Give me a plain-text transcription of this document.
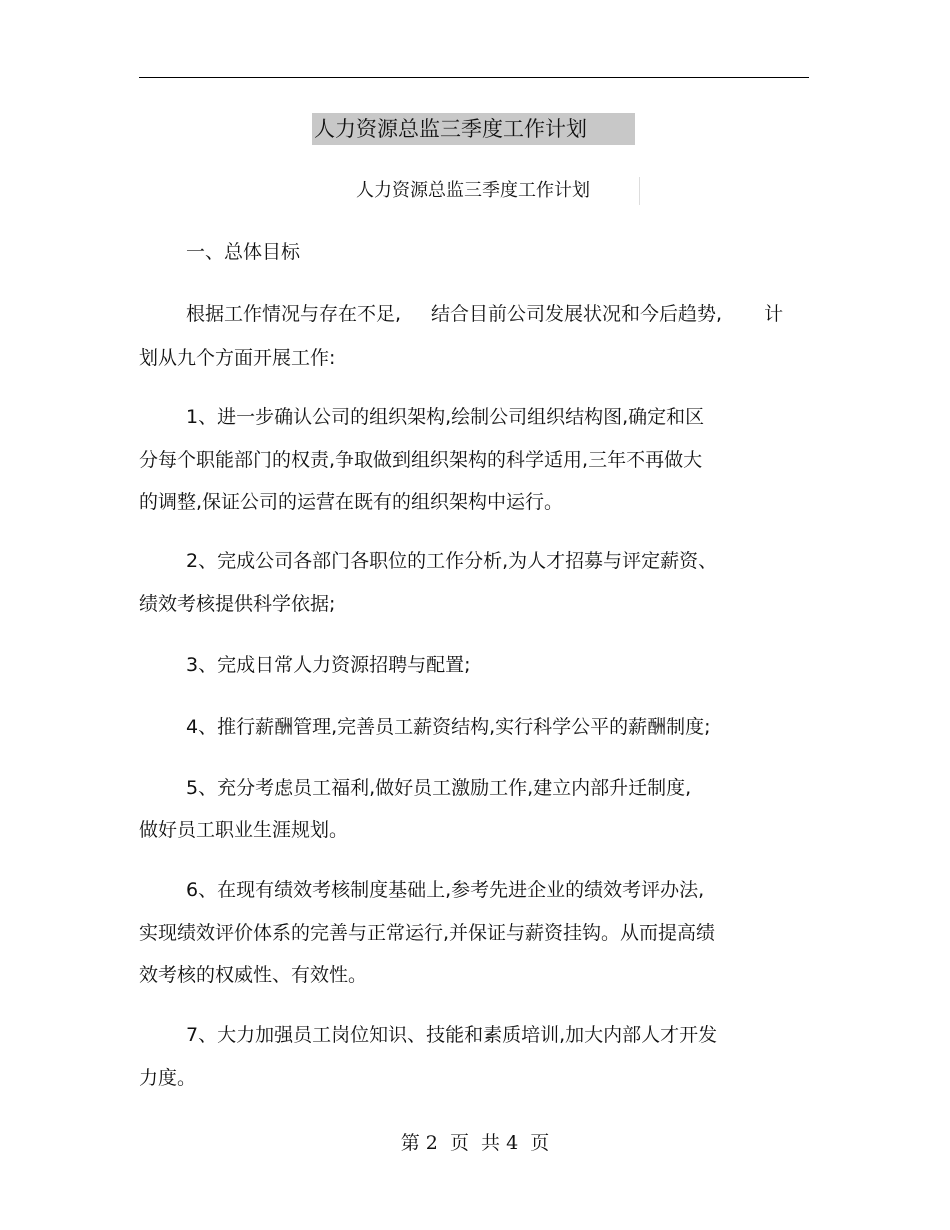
人力资源总监三季度工作计划
人力资源总监三季度工作计划
一、总体目标
根据工作情况与存在不足, 结合目前公司发展状况和今后趋势, 计
划从九个方面开展工作:
1、进一步确认公司的组织架构,绘制公司组织结构图,确定和区
分每个职能部门的权责,争取做到组织架构的科学适用,三年不再做大
的调整,保证公司的运营在既有的组织架构中运行。
2、完成公司各部门各职位的工作分析,为人才招募与评定薪资、
绩效考核提供科学依据;
3、完成日常人力资源招聘与配置;
4、推行薪酬管理,完善员工薪资结构,实行科学公平的薪酬制度;
5、充分考虑员工福利,做好员工激励工作,建立内部升迁制度,
做好员工职业生涯规划。
6、在现有绩效考核制度基础上,参考先进企业的绩效考评办法,
实现绩效评价体系的完善与正常运行,并保证与薪资挂钩。从而提高绩
效考核的权威性、有效性。
7、大力加强员工岗位知识、技能和素质培训,加大内部人才开发
力度。
第 2  页  共 4  页
